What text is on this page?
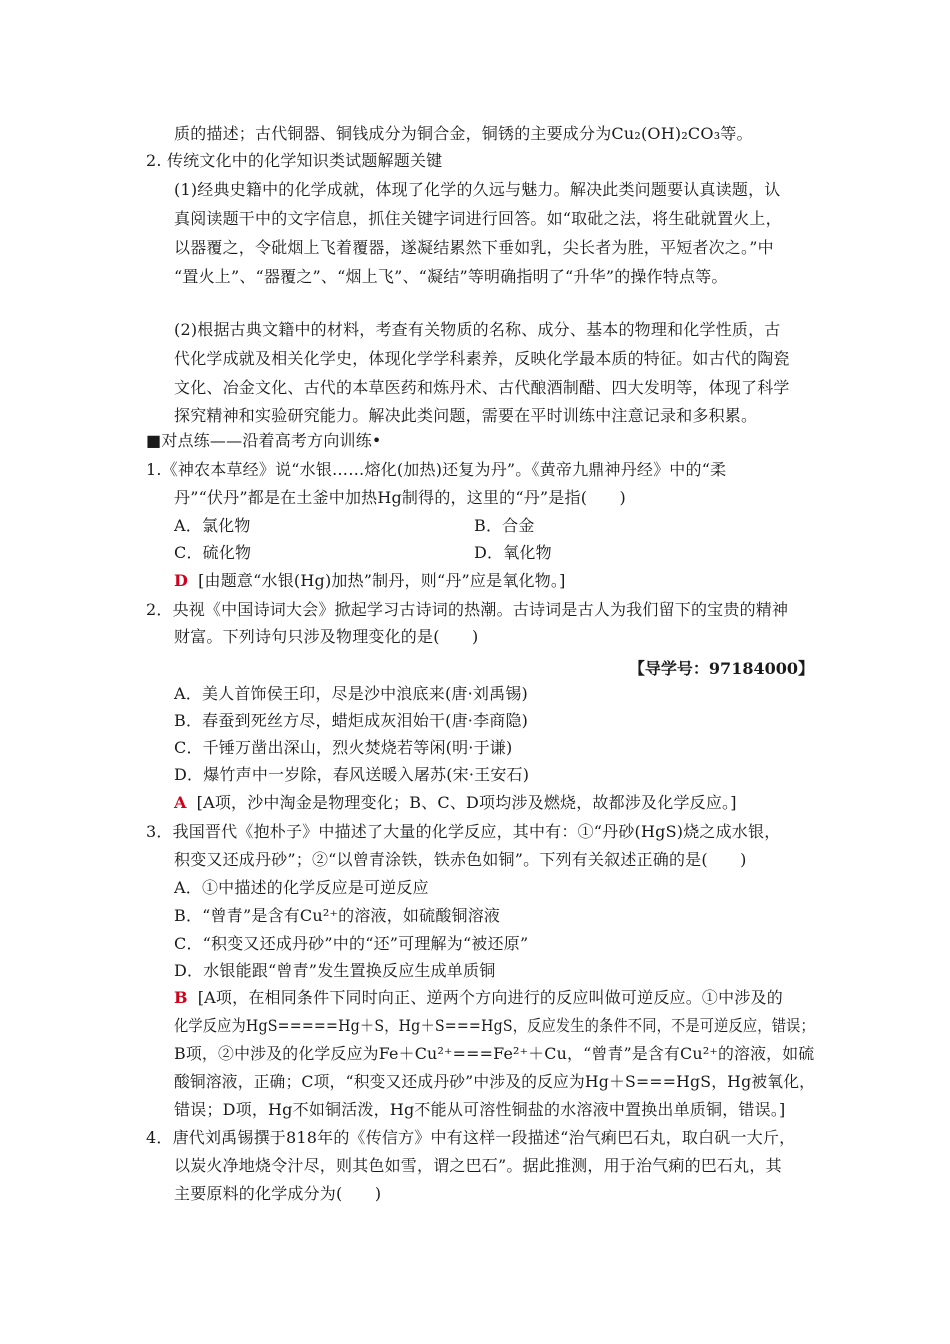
质的描述；古代铜器、铜钱成分为铜合金，铜锈的主要成分为Cu₂(OH)₂CO₃等。
2. 传统文化中的化学知识类试题解题关键
(1)经典史籍中的化学成就，体现了化学的久远与魅力。解决此类问题要认真读题，认
真阅读题干中的文字信息，抓住关键字词进行回答。如“取砒之法，将生砒就置火上，
以器覆之，令砒烟上飞着覆器，遂凝结累然下垂如乳，尖长者为胜，平短者次之。”中
“置火上”、“器覆之”、“烟上飞”、“凝结”等明确指明了“升华”的操作特点等。
(2)根据古典文籍中的材料，考查有关物质的名称、成分、基本的物理和化学性质，古
代化学成就及相关化学史，体现化学学科素养，反映化学最本质的特征。如古代的陶瓷
文化、冶金文化、古代的本草医药和炼丹术、古代酿酒制醋、四大发明等，体现了科学
探究精神和实验研究能力。解决此类问题，需要在平时训练中注意记录和多积累。
■对点练——沿着高考方向训练•
1.《神农本草经》说“水银……熔化(加热)还复为丹”。《黄帝九鼎神丹经》中的“柔
丹”“伏丹”都是在土釜中加热Hg制得的，这里的“丹”是指(　　)
A．氯化物	B．合金
C．硫化物	D．氧化物
D [由题意“水银(Hg)加热”制丹，则“丹”应是氧化物。]
2．央视《中国诗词大会》掀起学习古诗词的热潮。古诗词是古人为我们留下的宝贵的精神
财富。下列诗句只涉及物理变化的是(　　)
【导学号：97184000】
A．美人首饰侯王印，尽是沙中浪底来(唐·刘禹锡)
B．春蚕到死丝方尽，蜡炬成灰泪始干(唐·李商隐)
C．千锤万凿出深山，烈火焚烧若等闲(明·于谦)
D．爆竹声中一岁除，春风送暖入屠苏(宋·王安石)
A [A项，沙中淘金是物理变化；B、C、D项均涉及燃烧，故都涉及化学反应。]
3．我国晋代《抱朴子》中描述了大量的化学反应，其中有：①“丹砂(HgS)烧之成水银，
积变又还成丹砂”；②“以曾青涂铁，铁赤色如铜”。下列有关叙述正确的是(　　)
A．①中描述的化学反应是可逆反应
B．“曾青”是含有Cu²⁺的溶液，如硫酸铜溶液
C．“积变又还成丹砂”中的“还”可理解为“被还原”
D．水银能跟“曾青”发生置换反应生成单质铜
B [A项，在相同条件下同时向正、逆两个方向进行的反应叫做可逆反应。①中涉及的
化学反应为HgS=====Hg＋S，Hg＋S===HgS，反应发生的条件不同，不是可逆反应，错误；
B项，②中涉及的化学反应为Fe＋Cu²⁺===Fe²⁺＋Cu，“曾青”是含有Cu²⁺的溶液，如硫
酸铜溶液，正确；C项，“积变又还成丹砂”中涉及的反应为Hg＋S===HgS，Hg被氧化，
错误；D项，Hg不如铜活泼，Hg不能从可溶性铜盐的水溶液中置换出单质铜，错误。]
4．唐代刘禹锡撰于818年的《传信方》中有这样一段描述“治气痢巴石丸，取白矾一大斤，
以炭火净地烧令汁尽，则其色如雪，谓之巴石”。据此推测，用于治气痢的巴石丸，其
主要原料的化学成分为(　　)
